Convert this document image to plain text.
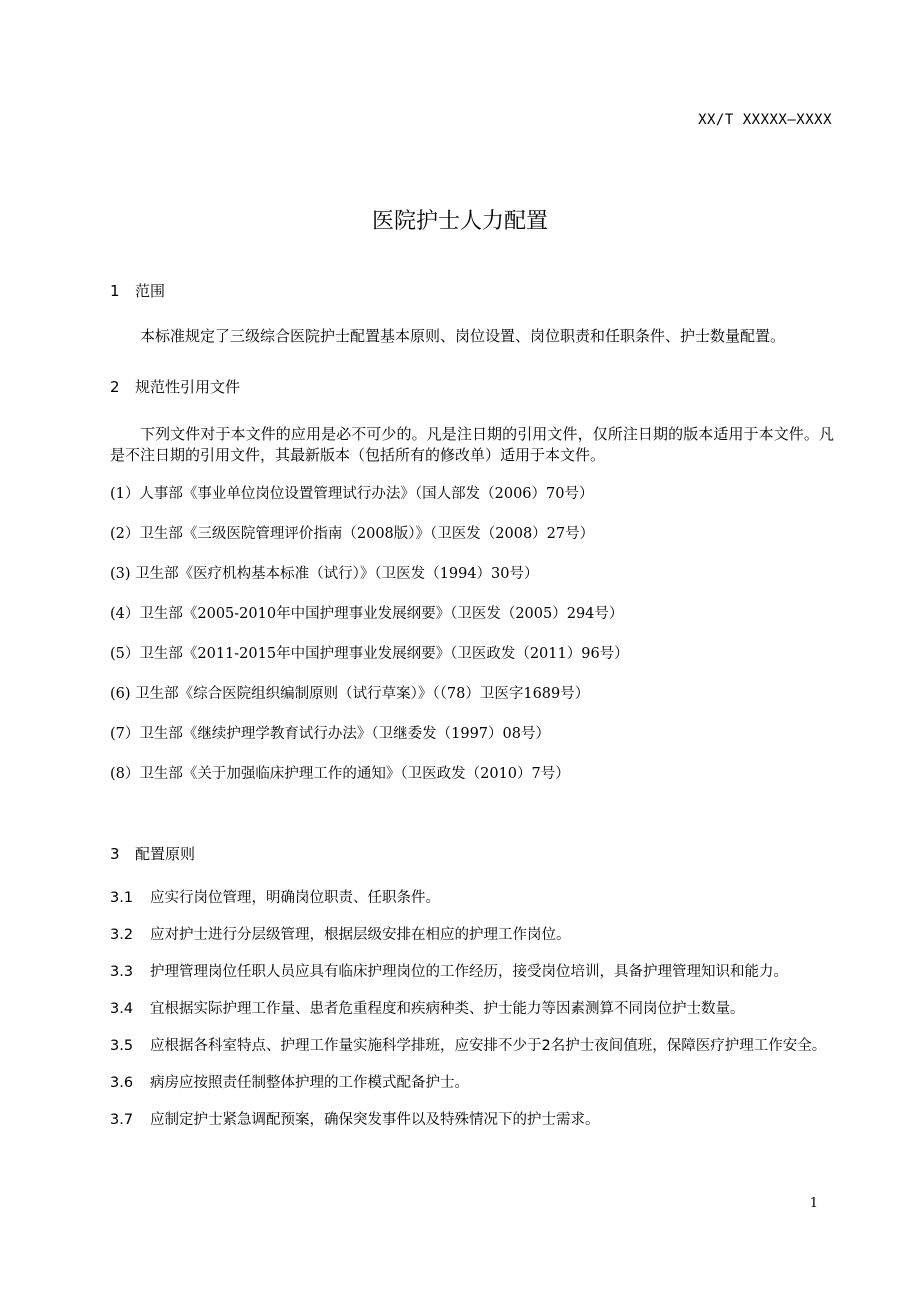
XX/T XXXXX—XXXX
医院护士人力配置
1 范围
本标准规定了三级综合医院护士配置基本原则、岗位设置、岗位职责和任职条件、护士数量配置。
2 规范性引用文件
下列文件对于本文件的应用是必不可少的。凡是注日期的引用文件，仅所注日期的版本适用于本文件。凡是不注日期的引用文件，其最新版本（包括所有的修改单）适用于本文件。
(1）人事部《事业单位岗位设置管理试行办法》（国人部发（2006）70号）
(2）卫生部《三级医院管理评价指南（2008版）》（卫医发（2008）27号）
(3) 卫生部《医疗机构基本标准（试行）》（卫医发（1994）30号）
(4）卫生部《2005-2010年中国护理事业发展纲要》（卫医发（2005）294号）
(5）卫生部《2011-2015年中国护理事业发展纲要》（卫医政发（2011）96号）
(6) 卫生部《综合医院组织编制原则（试行草案）》（（78）卫医字1689号）
(7）卫生部《继续护理学教育试行办法》（卫继委发（1997）08号）
(8）卫生部《关于加强临床护理工作的通知》（卫医政发（2010）7号）
3 配置原则
3.1 应实行岗位管理，明确岗位职责、任职条件。
3.2 应对护士进行分层级管理，根据层级安排在相应的护理工作岗位。
3.3 护理管理岗位任职人员应具有临床护理岗位的工作经历，接受岗位培训，具备护理管理知识和能力。
3.4 宜根据实际护理工作量、患者危重程度和疾病种类、护士能力等因素测算不同岗位护士数量。
3.5 应根据各科室特点、护理工作量实施科学排班，应安排不少于2名护士夜间值班，保障医疗护理工作安全。
3.6 病房应按照责任制整体护理的工作模式配备护士。
3.7 应制定护士紧急调配预案，确保突发事件以及特殊情况下的护士需求。
1
